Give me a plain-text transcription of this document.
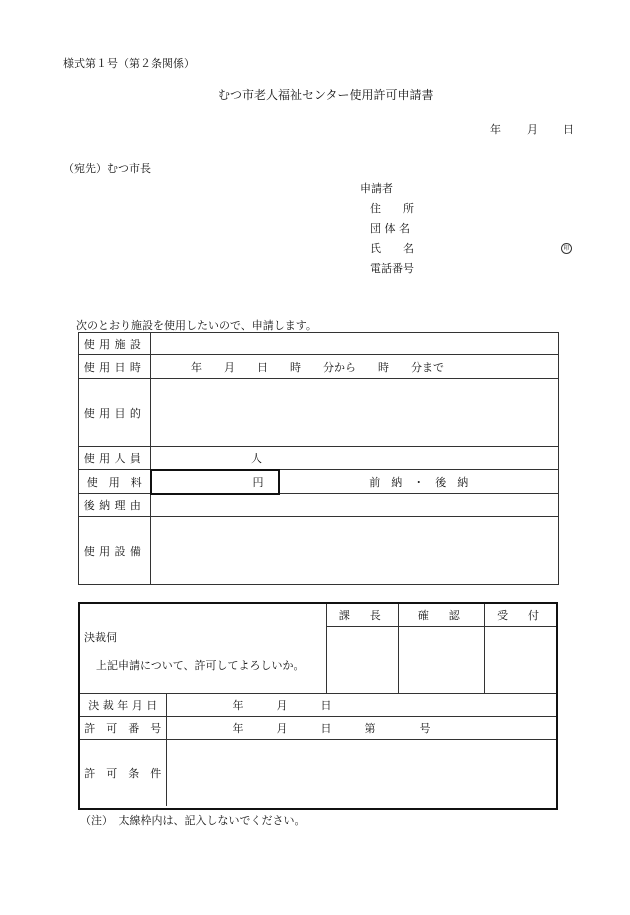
様式第１号（第２条関係）
むつ市老人福祉センター使用許可申請書
年 月 日
（宛先）むつ市長
申請者
住　　所
団 体 名
氏　　名	印
電話番号
次のとおり施設を使用したいので、申請します。
使用施設		
使用日時	年　　月　　日　　時　　分から　　時　　分まで	
使用目的		
使用人員	人	
使　用　料	円	前　納　・　後　納
後納理由		
使用設備		
決裁伺
上記申請について、許可してよろしいか。		課　長	確　認	受　付

決 裁 年 月 日	年　　　月　　　日			
許　可　番　号	年　　　月　　　日　　　第　　　　号			
許　可　条　件				
（注）　太線枠内は、記入しないでください。
